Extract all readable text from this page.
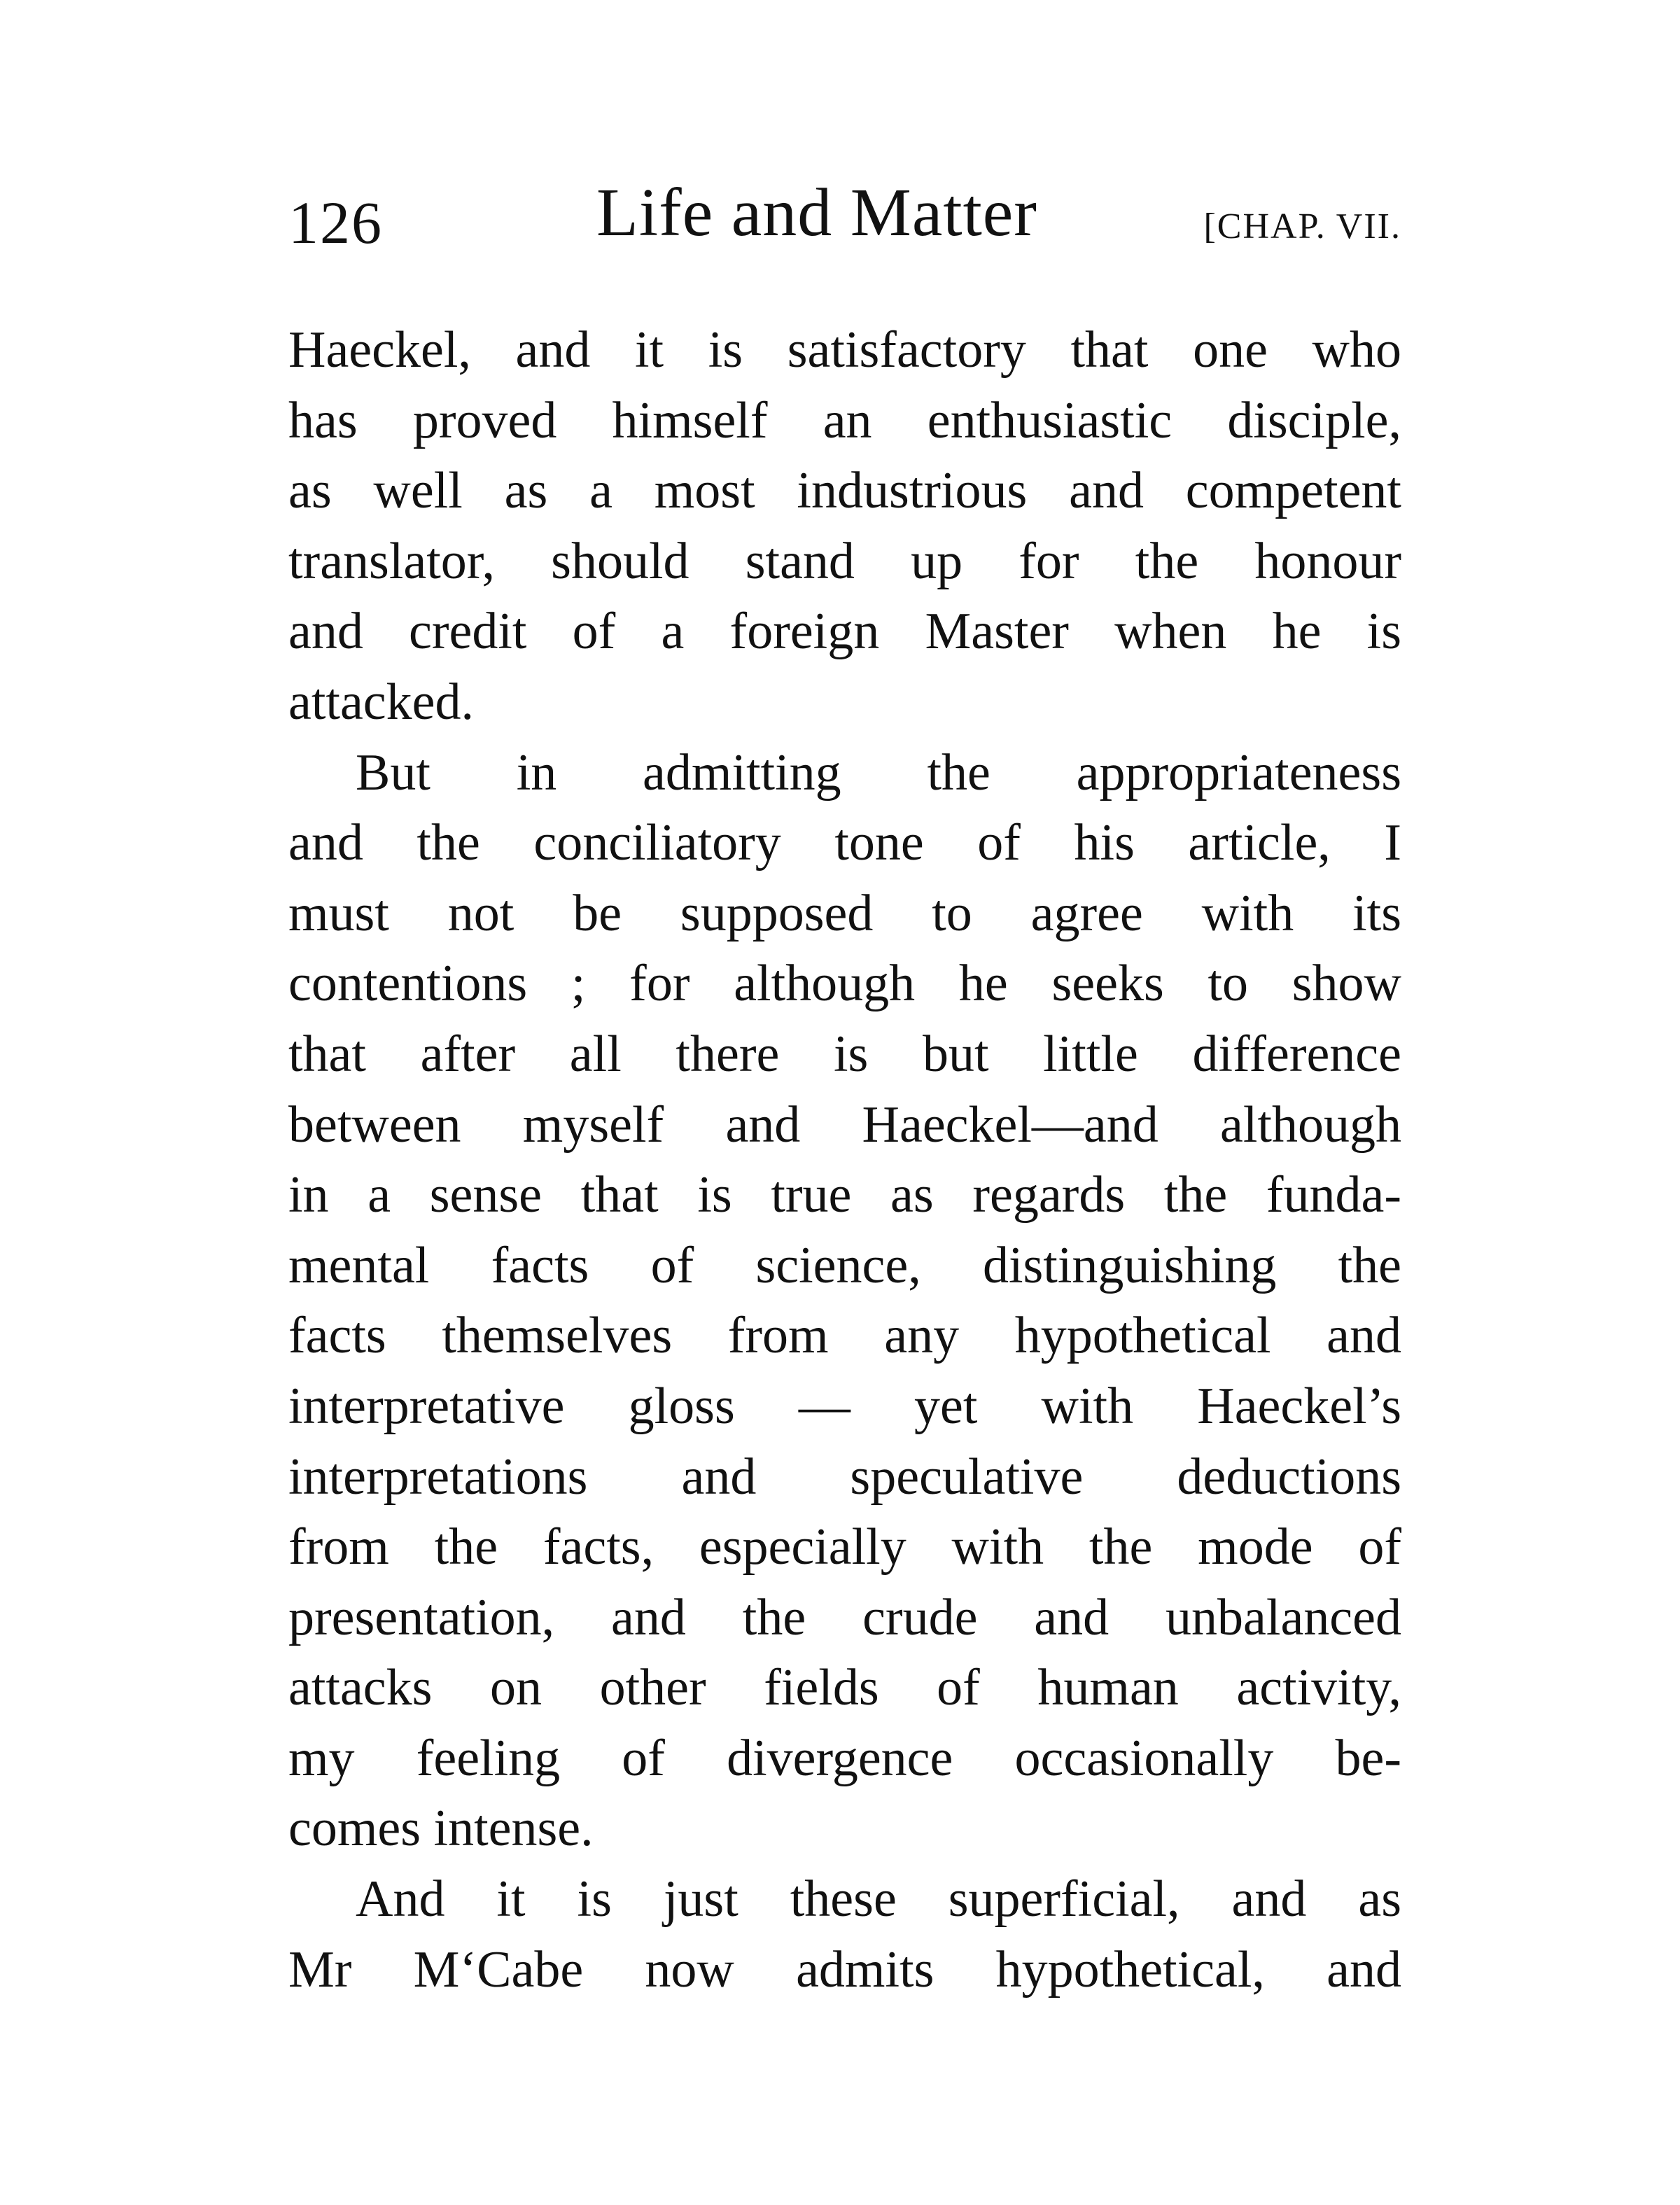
126	Life and Matter	[CHAP. VII.
Haeckel, and it is satisfactory that one who
has proved himself an enthusiastic disciple,
as well as a most industrious and competent
translator, should stand up for the honour
and credit of a foreign Master when he is
attacked.
But in admitting the appropriateness
and the conciliatory tone of his article, I
must not be supposed to agree with its
contentions ; for although he seeks to show
that after all there is but little difference
between myself and Haeckel—and although
in a sense that is true as regards the funda-
mental facts of science, distinguishing the
facts themselves from any hypothetical and
interpretative gloss — yet with Haeckel’s
interpretations and speculative deductions
from the facts, especially with the mode of
presentation, and the crude and unbalanced
attacks on other fields of human activity,
my feeling of divergence occasionally be-
comes intense.
And it is just these superficial, and as
Mr M‘Cabe now admits hypothetical, and
